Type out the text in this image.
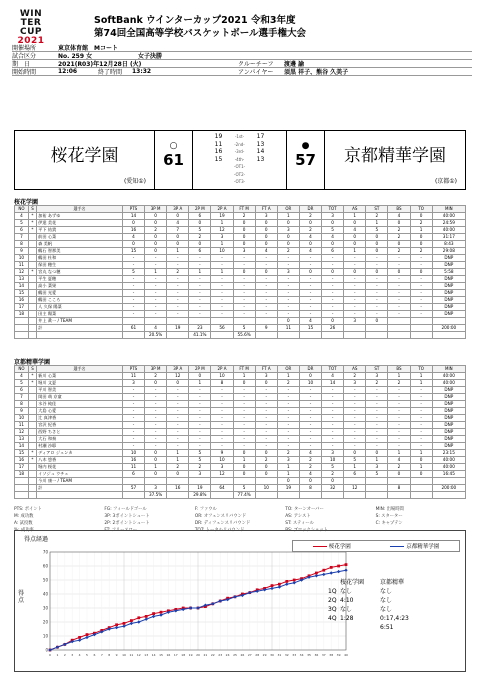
WIN
TER
CUP
2021
SoftBank ウインターカップ2021 令和3年度
第74回全国高等学校バスケットボール選手権大会
開催場所	東京体育館　Mコート
試合区分	No. 259 女	女子決勝
期　日	2021(R03)年12月28日 (火)	クルーチーフ	渡邊 諭
開始時間	12:06	終了時間	13:32	アンパイヤー	須黒 祥子、熊谷 久美子
桜花学園
(愛知①)
○
61
19	-1st-	17
11	-2nd-	13
16	-3rd-	14
15	-4th-	13
-OT1-
-OT2-
-OT3-
●
57	京都精華学園
(京都①)
桜花学園
NO	S	選手名	PTS	3P M	3P A	2P M	2P A	FT M	FT A	OR	DR	TOT	AS	ST	BS	TO	MIN
4	*	加祐 あずゆ	14	0	0	6	19	2	3	1	2	3	1	2	4	0	40:00
5	*	伊達 美花	0	0	4	0	1	0	0	0	0	0	0	1	0	2	24:59
6	*	平下 結貴	16	2	7	5	12	0	0	3	2	5	4	5	2	1	40:00
7		前田 心菜	4	0	0	2	3	0	0	0	4	4	0	0	2	0	31:17
8		森 美帆	0	0	0	0	1	0	0	0	0	0	0	0	0	0	8:43
9		鶴石 智那美	15	0	1	6	10	3	4	2	4	6	1	0	2	2	29:08
10		鶴田 杜和	-	-	-	-	-	-	-	-	-	-	-	-	-	-	DNP
11		保田 穂生	-	-	-	-	-	-	-	-	-	-	-	-	-	-	DNP
12	*	宮丸 なつ穂	5	1	2	1	1	0	0	3	0	0	0	0	0	0	5:58
13		平生 夏穂	-	-	-	-	-	-	-	-	-	-	-	-	-	-	DNP
14		高小 菜果	-	-	-	-	-	-	-	-	-	-	-	-	-	-	DNP
15		鶴田 光愛	-	-	-	-	-	-	-	-	-	-	-	-	-	-	DNP
16		鶴田 こころ	-	-	-	-	-	-	-	-	-	-	-	-	-	-	DNP
17		人 久保 陽菜	-	-	-	-	-	-	-	-	-	-	-	-	-	-	DNP
18		田主 陽菜	-	-	-	-	-	-	-	-	-	-	-	-	-	-	DNP
		井上 眞一 / TEAM								0	4	0	3	0			
		計	61	4	19	23	56	5	9	11	15	26					200:00
				20.5%		41.1%		55.6%									
京都精華学園
NO	S	選手名	PTS	3P M	3P A	2P M	2P A	FT M	FT A	OR	DR	TOT	AS	ST	BS	TO	MIN
4	*	新川 心菜	11	2	12	0	10	1	3	1	0	4	2	3	1	1	40:00
5	*	堀川 文夏	3	0	0	1	8	0	0	2	10	14	3	2	2	1	40:00
6		平川 智美	-	-	-	-	-	-	-	-	-	-	-	-	-	-	DNP
7		岡田 萌 京童	-	-	-	-	-	-	-	-	-	-	-	-	-	-	DNP
8		水谷 純佳	-	-	-	-	-	-	-	-	-	-	-	-	-	-	DNP
9		大島 心愛	-	-	-	-	-	-	-	-	-	-	-	-	-	-	DNP
10		辻 真津香	-	-	-	-	-	-	-	-	-	-	-	-	-	-	DNP
11		宮沢 紀香	-	-	-	-	-	-	-	-	-	-	-	-	-	-	DNP
12		西野 ちさと	-	-	-	-	-	-	-	-	-	-	-	-	-	-	DNP
13		大石 和奏	-	-	-	-	-	-	-	-	-	-	-	-	-	-	DNP
14		村瀬 沙耶	-	-	-	-	-	-	-	-	-	-	-	-	-	-	DNP
15	*	ディアロ ジェンカ	10	0	1	5	9	0	0	2	4	3	0	0	1	1	23:15
16	*	八木 悠香	16	0	1	5	10	1	2	3	2	10	5	1	4	0	40:00
17		堀内 桜花	11	1	2	2	3	0	0	1	2	5	1	3	2	1	40:00
18		イソジュ ウチェ	6	0	0	3	12	0	0	1	4	2	6	5	0	0	16:45
		今川 康一 / TEAM								0	0	0					
		計	57	3	16	19	64	5	10	19	8	32	12		8		200:00
				37.5%		29.8%		77.4%									
PTS: ポイント	FG: フィールドゴール	F: ファウル	TO: ターンオーバー	MIN: 出場時間
M: 成功数	3P: 3ポイントシュート	OR: オフェンスリバウンド	AS: アシスト	S: スターター
A: 試投数	2P: 2ポイントシュート	DR: ディフェンスリバウンド	ST: スティール	C: キャプテン
%: 成功率	FT: フリースロー	TOT: トータルリバウンド	BS: ブロックショット
得点経過
得点
0
10
20
30
40
50
60
70
0 1 2 3 4 5 6 7 8 9 10 11 12 13 14 15 16 17 18 19 20 21 22 23 24 25 26 27 28 29 30 31 32 33 34 35 36 37 38 39 40
桜花学園	京都精華学園
桜花学園	京都精華
1Q なし	なし
2Q 4:10	なし
3Q なし	なし
4Q 1:28	0:17,4:23
6:51
